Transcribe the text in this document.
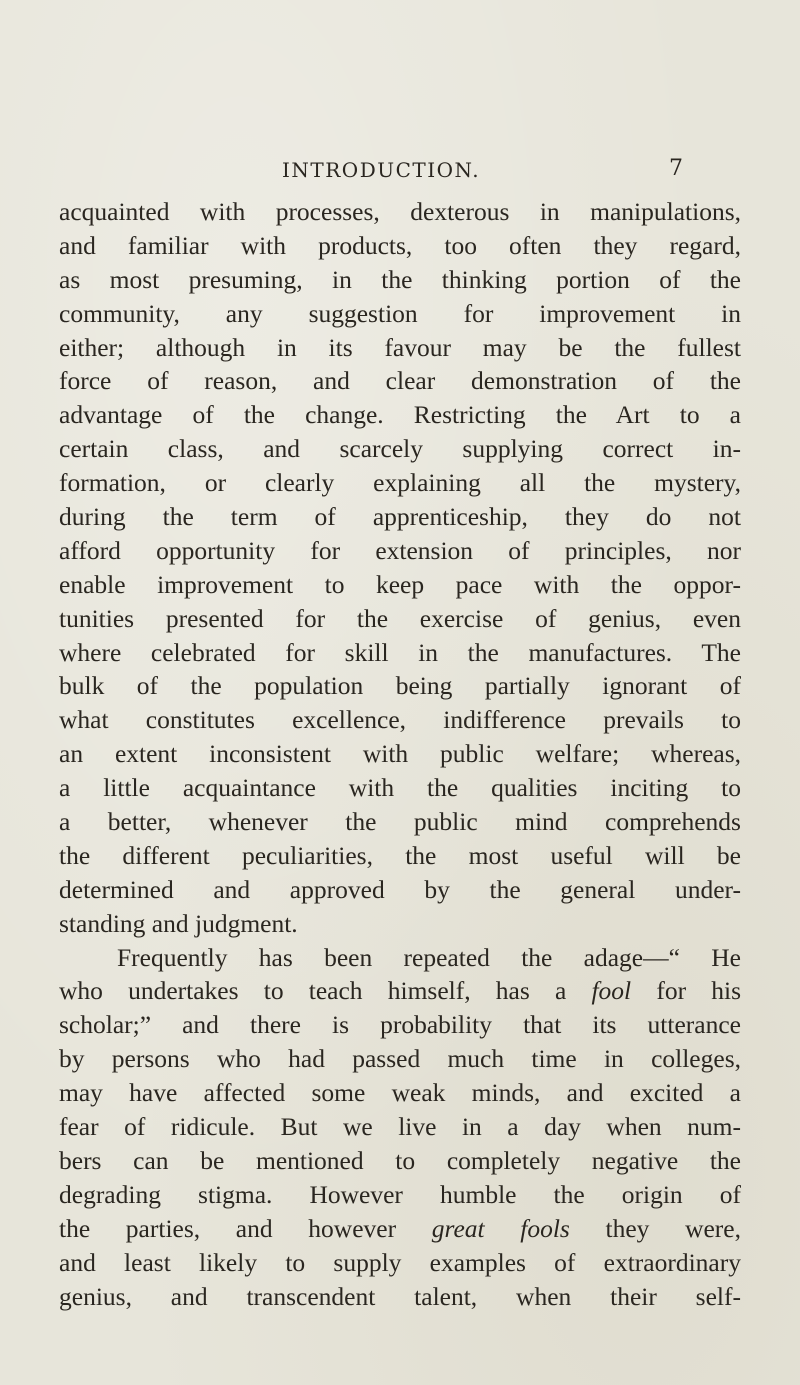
INTRODUCTION.	7
acquainted with processes, dexterous in manipulations,
and familiar with products, too often they regard,
as most presuming, in the thinking portion of the
community, any suggestion for improvement in
either; although in its favour may be the fullest
force of reason, and clear demonstration of the
advantage of the change. Restricting the Art to a
certain class, and scarcely supplying correct in-
formation, or clearly explaining all the mystery,
during the term of apprenticeship, they do not
afford opportunity for extension of principles, nor
enable improvement to keep pace with the oppor-
tunities presented for the exercise of genius, even
where celebrated for skill in the manufactures. The
bulk of the population being partially ignorant of
what constitutes excellence, indifference prevails to
an extent inconsistent with public welfare; whereas,
a little acquaintance with the qualities inciting to
a better, whenever the public mind comprehends
the different peculiarities, the most useful will be
determined and approved by the general under-
standing and judgment.
Frequently has been repeated the adage—“ He
who undertakes to teach himself, has a fool for his
scholar;” and there is probability that its utterance
by persons who had passed much time in colleges,
may have affected some weak minds, and excited a
fear of ridicule. But we live in a day when num-
bers can be mentioned to completely negative the
degrading stigma. However humble the origin of
the parties, and however great fools they were,
and least likely to supply examples of extraordinary
genius, and transcendent talent, when their self-
